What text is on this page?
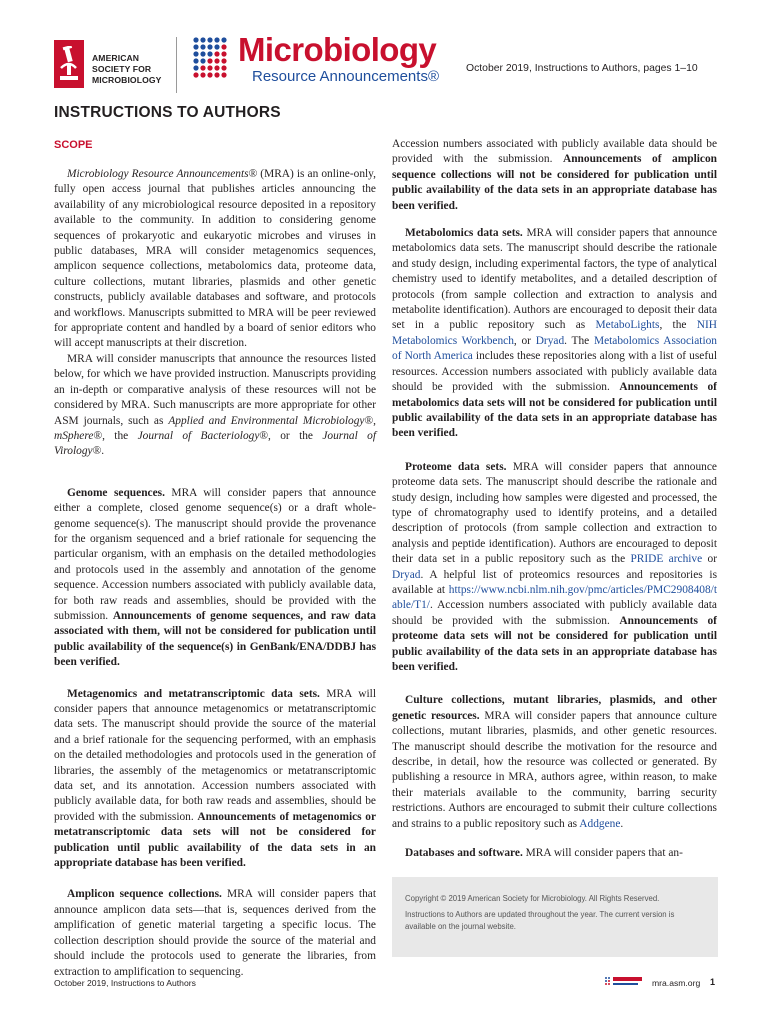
AMERICAN
SOCIETY FOR
MICROBIOLOGY
Microbiology
Resource Announcements®	October 2019, Instructions to Authors, pages 1–10
INSTRUCTIONS TO AUTHORS
SCOPE

Microbiology Resource Announcements® (MRA) is an online-only, fully open access journal that publishes articles announcing the availability of any microbiological resource deposited in a repository available to the community. In addition to considering genome sequences of prokaryotic and eukaryotic microbes and viruses in public databases, MRA will consider metagenomics sequences, amplicon sequence collections, metabolomics data, proteome data, culture collections, mutant libraries, plasmids and other genetic constructs, publicly available databases and software, and protocols and workflows. Manuscripts submitted to MRA will be peer reviewed for appropriate content and handled by a board of senior editors who will accept manuscripts at their discretion.

MRA will consider manuscripts that announce the resources listed below, for which we have provided instruction. Manuscripts providing an in-depth or comparative analysis of these resources will not be considered by MRA. Such manuscripts are more appropriate for other ASM journals, such as Applied and Environmental Microbiology®, mSphere®, the Journal of Bacteriology®, or the Journal of Virology®.

Genome sequences. MRA will consider papers that announce either a complete, closed genome sequence(s) or a draft whole-genome sequence(s). The manuscript should provide the provenance for the organism sequenced and a brief rationale for sequencing the particular organism, with an emphasis on the detailed methodologies and protocols used in the assembly and annotation of the genome sequence. Accession numbers associated with publicly available data, for both raw reads and assemblies, should be provided with the submission. Announcements of genome sequences, and raw data associated with them, will not be considered for publication until public availability of the sequence(s) in GenBank/ENA/DDBJ has been verified.

Metagenomics and metatranscriptomic data sets. MRA will consider papers that announce metagenomics or metatranscriptomic data sets. The manuscript should provide the source of the material and a brief rationale for the sequencing performed, with an emphasis on the detailed methodologies and protocols used in the generation of libraries, the assembly of the metagenomics or metatranscriptomic data set, and its annotation. Accession numbers associated with publicly available data, for both raw reads and assemblies, should be provided with the submission. Announcements of metagenomics or metatranscriptomic data sets will not be considered for publication until public availability of the data sets in an appropriate database has been verified.

Amplicon sequence collections. MRA will consider papers that announce amplicon data sets—that is, sequences derived from the amplification of genetic material targeting a specific locus. The collection description should provide the source of the material and should include the protocols used to generate the libraries, from extraction to amplification to sequencing.

Accession numbers associated with publicly available data should be provided with the submission. Announcements of amplicon sequence collections will not be considered for publication until public availability of the data sets in an appropriate database has been verified.

Metabolomics data sets. MRA will consider papers that announce metabolomics data sets. The manuscript should describe the rationale and study design, including experimental factors, the type of analytical chemistry used to identify metabolites, and a detailed description of protocols (from sample collection and extraction to analysis and metabolite identification). Authors are encouraged to deposit their data set in a public repository such as MetaboLights, the NIH Metabolomics Workbench, or Dryad. The Metabolomics Association of North America includes these repositories along with a list of useful resources. Accession numbers associated with publicly available data should be provided with the submission. Announcements of metabolomics data sets will not be considered for publication until public availability of the data sets in an appropriate database has been verified.

Proteome data sets. MRA will consider papers that announce proteome data sets. The manuscript should describe the rationale and study design, including how samples were digested and processed, the type of chromatography used to identify proteins, and a detailed description of protocols (from sample collection and extraction to analysis and peptide identification). Authors are encouraged to deposit their data set in a public repository such as the PRIDE archive or Dryad. A helpful list of proteomics resources and repositories is available at https://www.ncbi.nlm.nih.gov/pmc/articles/PMC2908408/table/T1/. Accession numbers associated with publicly available data should be provided with the submission. Announcements of proteome data sets will not be considered for publication until public availability of the data sets in an appropriate database has been verified.

Culture collections, mutant libraries, plasmids, and other genetic resources. MRA will consider papers that announce culture collections, mutant libraries, plasmids, and other genetic resources. The manuscript should describe the motivation for the resource and describe, in detail, how the resource was collected or generated. By publishing a resource in MRA, authors agree, within reason, to make their materials available to the community, barring security restrictions. Authors are encouraged to submit their culture collections and strains to a public repository such as Addgene.

Databases and software. MRA will consider papers that an-

Copyright © 2019 American Society for Microbiology. All Rights Reserved.
Instructions to Authors are updated throughout the year. The current version is available on the journal website.
October 2019, Instructions to Authors	mra.asm.org 1
